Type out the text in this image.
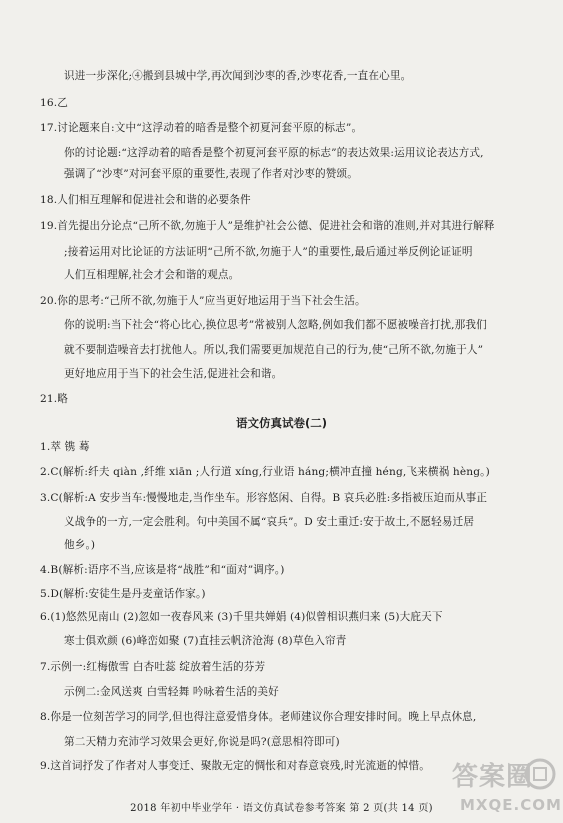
识进一步深化;④搬到县城中学,再次闻到沙枣的香,沙枣花香,一直在心里。
16.乙
17.讨论题来自:文中“这浮动着的暗香是整个初夏河套平原的标志”。
你的讨论题:“这浮动着的暗香是整个初夏河套平原的标志”的表达效果:运用议论表达方式,
强调了“沙枣”对河套平原的重要性,表现了作者对沙枣的赞颂。
18.人们相互理解和促进社会和谐的必要条件
19.首先提出分论点“己所不欲,勿施于人”是维护社会公德、促进社会和谐的准则,并对其进行解释
;接着运用对比论证的方法证明“己所不欲,勿施于人”的重要性,最后通过举反例论证证明
人们互相理解,社会才会和谐的观点。
20.你的思考:“己所不欲,勿施于人”应当更好地运用于当下社会生活。
你的说明:当下社会“将心比心,换位思考”常被别人忽略,例如我们都不愿被噪音打扰,那我们
就不要制造噪音去打扰他人。所以,我们需要更加规范自己的行为,使“己所不欲,勿施于人”
更好地应用于当下的社会生活,促进社会和谐。
21.略
1.萃 镌 蓦
2.C(解析:纤夫 qiàn ,纤维 xiān ;人行道 xíng,行业语 háng;横冲直撞 héng,飞来横祸 hèng。)
3.C(解析:A 安步当车:慢慢地走,当作坐车。形容悠闲、自得。B 哀兵必胜:多指被压迫而从事正
义战争的一方,一定会胜利。句中美国不属“哀兵”。D 安土重迁:安于故土,不愿轻易迁居
他乡。)
4.B(解析:语序不当,应该是将“战胜”和“面对”调序。)
5.D(解析:安徒生是丹麦童话作家。)
6.(1)悠然见南山 (2)忽如一夜春风来 (3)千里共婵娟 (4)似曾相识燕归来 (5)大庇天下
寒士俱欢颜 (6)峰峦如聚 (7)直挂云帆济沧海 (8)草色入帘青
7.示例一:红梅傲雪 白杏吐蕊 绽放着生活的芬芳
示例二:金风送爽 白雪轻舞 吟咏着生活的美好
8.你是一位刻苦学习的同学,但也得注意爱惜身体。老师建议你合理安排时间。晚上早点休息,
第二天精力充沛学习效果会更好,你说是吗?(意思相符即可)
9.这首词抒发了作者对人事变迁、聚散无定的惆怅和对春意衰残,时光流逝的悼惜。
语文仿真试卷(二)
2018 年初中毕业学年 · 语文仿真试卷参考答案 第 2 页(共 14 页)
答案圈
MXQE.COM
